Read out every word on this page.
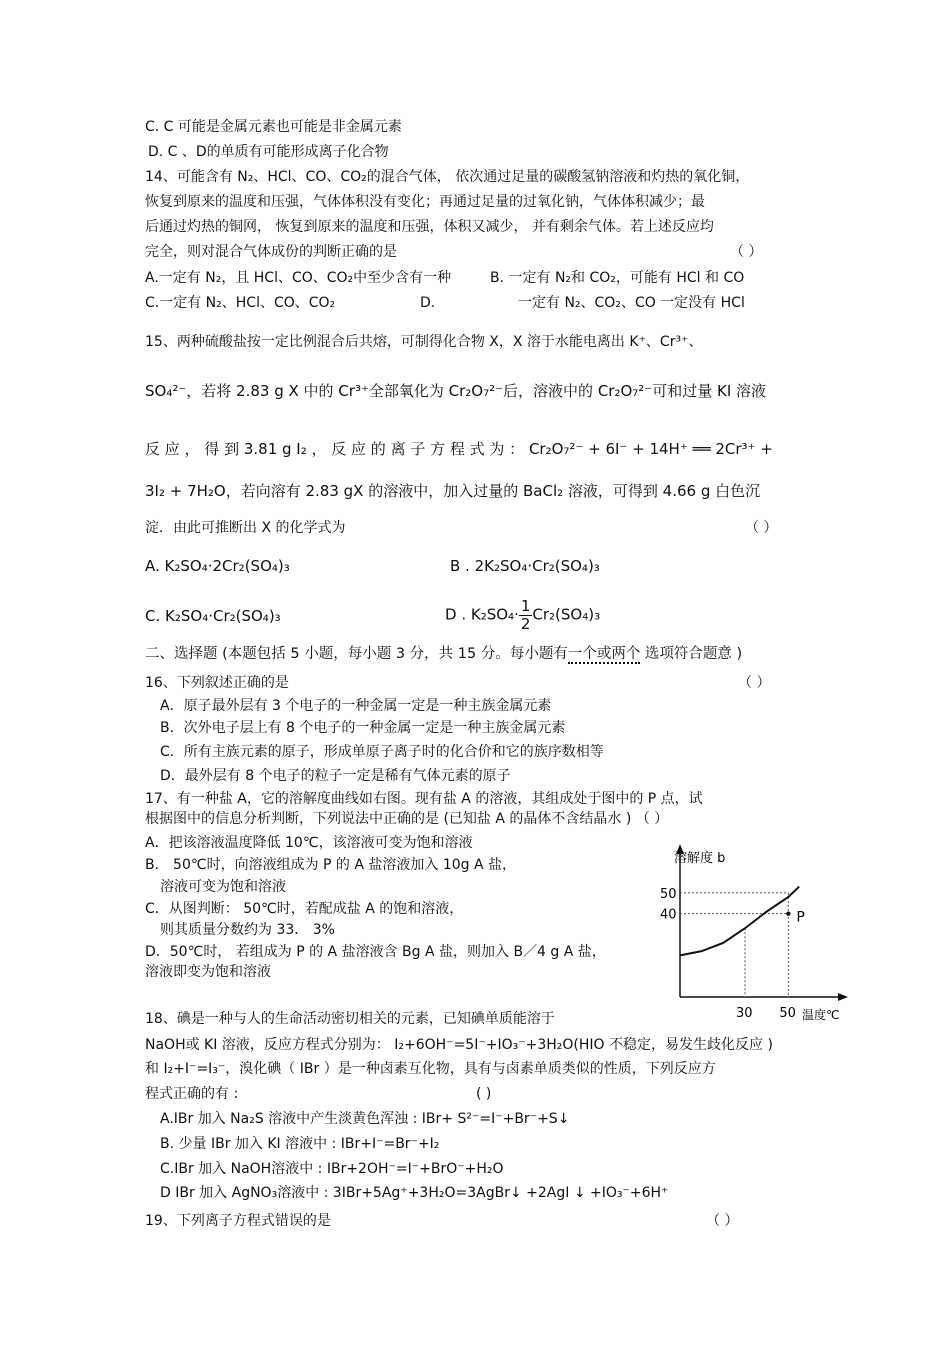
C. C 可能是金属元素也可能是非金属元素
D. C 、D的单质有可能形成离子化合物
14、可能含有 N₂、HCl、CO、CO₂的混合气体， 依次通过足量的碳酸氢钠溶液和灼热的氧化铜，
恢复到原来的温度和压强，气体体积没有变化；再通过足量的过氧化钠，气体体积减少；最
后通过灼热的铜网， 恢复到原来的温度和压强，体积又减少， 并有剩余气体。若上述反应均
完全，则对混合气体成份的判断正确的是	（ ）
A.一定有 N₂，且 HCl、CO、CO₂中至少含有一种	B. 一定有 N₂和 CO₂，可能有 HCl 和 CO
C.一定有 N₂、HCl、CO、CO₂	D.	一定有 N₂、CO₂、CO 一定没有 HCl
15、两种硫酸盐按一定比例混合后共熔，可制得化合物 X，X 溶于水能电离出 K⁺、Cr³⁺、
SO₄²⁻，若将 2.83 g X 中的 Cr³⁺全部氧化为 Cr₂O₇²⁻后，溶液中的 Cr₂O₇²⁻可和过量 KI 溶液
反 应 ， 得 到 3.81 g I₂ ， 反 应 的 离 子 方 程 式 为 ： Cr₂O₇²⁻ + 6I⁻ + 14H⁺ ══ 2Cr³⁺ +
3I₂ + 7H₂O，若向溶有 2.83 gX 的溶液中，加入过量的 BaCl₂ 溶液，可得到 4.66 g 白色沉
淀．由此可推断出 X 的化学式为	（ ）
A. K₂SO₄·2Cr₂(SO₄)₃	B . 2K₂SO₄·Cr₂(SO₄)₃
C. K₂SO₄·Cr₂(SO₄)₃	D . $K_2SO_4\cdot \frac{1}{2} Cr_2(SO_4)_3$
二、选择题 (本题包括 5 小题，每小题 3 分，共 15 分。每小题有一个或两个 选项符合题意 )
16、下列叙述正确的是	（ ）
A．原子最外层有 3 个电子的一种金属一定是一种主族金属元素
B．次外电子层上有 8 个电子的一种金属一定是一种主族金属元素
C．所有主族元素的原子，形成单原子离子时的化合价和它的族序数相等
D．最外层有 8 个电子的粒子一定是稀有气体元素的原子
17、有一种盐 A，它的溶解度曲线如右图。现有盐 A 的溶液，其组成处于图中的 P 点，试
根据图中的信息分析判断，下列说法中正确的是 (已知盐 A 的晶体不含结晶水 ) （ ）
A．把该溶液温度降低 10℃，该溶液可变为饱和溶液
B． 50℃时，向溶液组成为 P 的 A 盐溶液加入 10g A 盐，
溶液可变为饱和溶液
C．从图判断： 50℃时，若配成盐 A 的饱和溶液，
则其质量分数约为 33． 3%
D．50℃时， 若组成为 P 的 A 盐溶液含 Bg A 盐，则加入 B／4 g A 盐，
溶液即变为饱和溶液
P
溶解度 b
50
40
30 50 温度℃
18、碘是一种与人的生命活动密切相关的元素，已知碘单质能溶于
NaOH或 KI 溶液，反应方程式分别为： I₂+6OH⁻=5I⁻+IO₃⁻+3H₂O(HIO 不稳定，易发生歧化反应 )
和 I₂+I⁻=I₃⁻，溴化碘（ IBr ）是一种卤素互化物，具有与卤素单质类似的性质，下列反应方
程式正确的有 :	( )
A.IBr 加入 Na₂S 溶液中产生淡黄色浑浊 : IBr+ S²⁻=I⁻+Br⁻+S↓
B. 少量 IBr 加入 KI 溶液中 : IBr+I⁻=Br⁻+I₂
C.IBr 加入 NaOH溶液中 : IBr+2OH⁻=I⁻+BrO⁻+H₂O
D IBr 加入 AgNO₃溶液中 : 3IBr+5Ag⁺+3H₂O=3AgBr↓ +2AgI ↓ +IO₃⁻+6H⁺
19、下列离子方程式错误的是	（ ）
